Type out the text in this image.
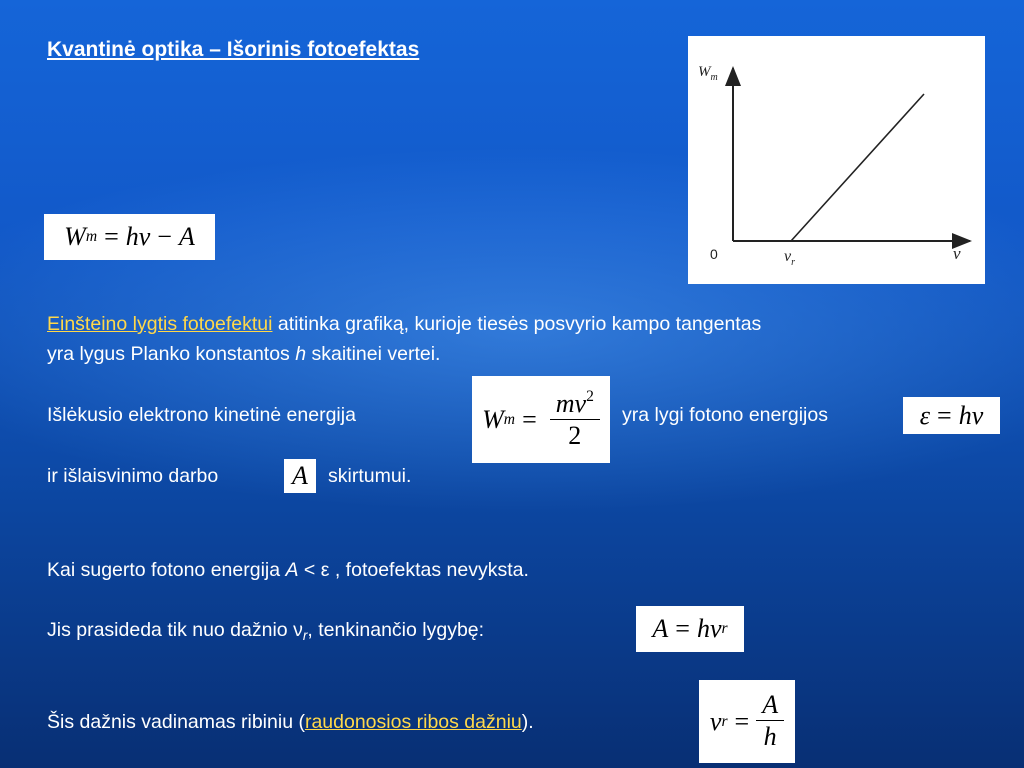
Kvantinė optika – Išorinis fotoefektas
$W_m$
0	$\nu_r$	ν
W m = h ν − A
Einšteino lygtis fotoefektui atitinka grafiką, kurioje tiesės posvyrio kampo tangentas
yra lygus Planko konstantos h skaitinei vertei.
Išlėkusio elektrono kinetinė energija	W $m = \frac{mv^2}{2}$ yra lygi fotono energijos	ε = h ν
ir išlaisvinimo darbo	A skirtumui.
Kai sugerto fotono energija A < ε , fotoefektas nevyksta.
Jis prasideda tik nuo dažnio $\nu_r$, tenkinančio lygybę:	A = h ν r
Šis dažnis vadinamas ribiniu (raudonosios ribos dažniu).	ν $r = \frac{A}{h}$
